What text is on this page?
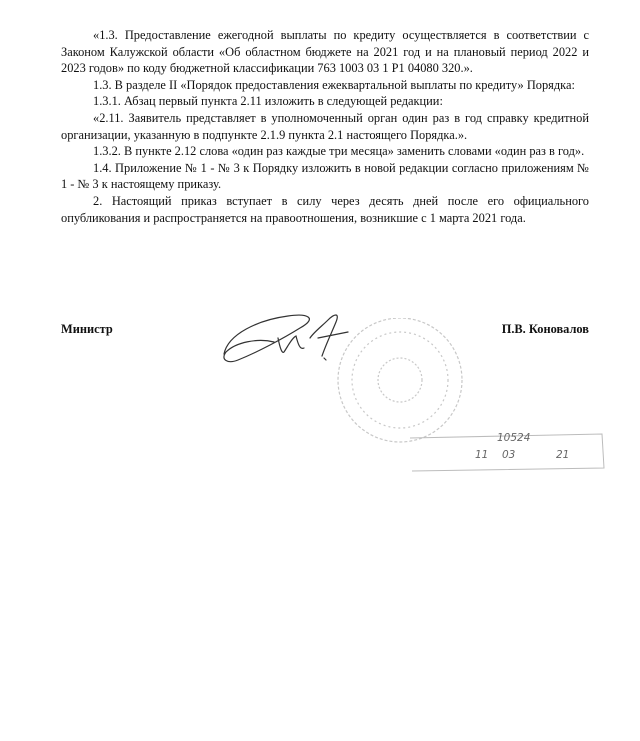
«1.3. Предоставление ежегодной выплаты по кредиту осуществляется в соответствии с Законом Калужской области «Об областном бюджете на 2021 год и на плановый период 2022 и 2023 годов» по коду бюджетной классификации 763 1003 03 1 Р1 04080 320.».

1.3. В разделе II «Порядок предоставления ежеквартальной выплаты по кредиту» Порядка:

1.3.1. Абзац первый пункта 2.11 изложить в следующей редакции:

«2.11. Заявитель представляет в уполномоченный орган один раз в год справку кредитной организации, указанную в подпункте 2.1.9 пункта 2.1 настоящего Порядка.».

1.3.2. В пункте 2.12 слова «один раз каждые три месяца» заменить словами «один раз в год».

1.4. Приложение № 1 - № 3 к Порядку изложить в новой редакции согласно приложениям № 1 - № 3 к настоящему приказу.

2. Настоящий приказ вступает в силу через десять дней после его официального опубликования и распространяется на правоотношения, возникшие с 1 марта 2021 года.

Министр	П.В. Коновалов
10524
11 03	21
